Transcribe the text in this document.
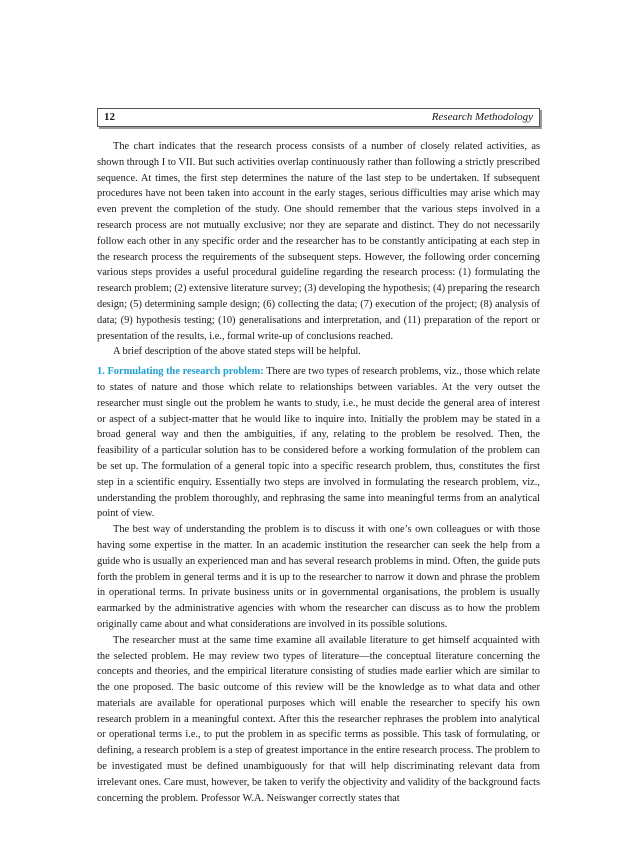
12	Research Methodology

The chart indicates that the research process consists of a number of closely related activities, as shown through I to VII. But such activities overlap continuously rather than following a strictly prescribed sequence. At times, the first step determines the nature of the last step to be undertaken. If subsequent procedures have not been taken into account in the early stages, serious difficulties may arise which may even prevent the completion of the study. One should remember that the various steps involved in a research process are not mutually exclusive; nor they are separate and distinct. They do not necessarily follow each other in any specific order and the researcher has to be constantly anticipating at each step in the research process the requirements of the subsequent steps. However, the following order concerning various steps provides a useful procedural guideline regarding the research process: (1) formulating the research problem; (2) extensive literature survey; (3) developing the hypothesis; (4) preparing the research design; (5) determining sample design; (6) collecting the data; (7) execution of the project; (8) analysis of data; (9) hypothesis testing; (10) generalisations and interpretation, and (11) preparation of the report or presentation of the results, i.e., formal write-up of conclusions reached.

A brief description of the above stated steps will be helpful.

1. Formulating the research problem: There are two types of research problems, viz., those which relate to states of nature and those which relate to relationships between variables. At the very outset the researcher must single out the problem he wants to study, i.e., he must decide the general area of interest or aspect of a subject-matter that he would like to inquire into. Initially the problem may be stated in a broad general way and then the ambiguities, if any, relating to the problem be resolved. Then, the feasibility of a particular solution has to be considered before a working formulation of the problem can be set up. The formulation of a general topic into a specific research problem, thus, constitutes the first step in a scientific enquiry. Essentially two steps are involved in formulating the research problem, viz., understanding the problem thoroughly, and rephrasing the same into meaningful terms from an analytical point of view.

The best way of understanding the problem is to discuss it with one’s own colleagues or with those having some expertise in the matter. In an academic institution the researcher can seek the help from a guide who is usually an experienced man and has several research problems in mind. Often, the guide puts forth the problem in general terms and it is up to the researcher to narrow it down and phrase the problem in operational terms. In private business units or in governmental organisations, the problem is usually earmarked by the administrative agencies with whom the researcher can discuss as to how the problem originally came about and what considerations are involved in its possible solutions.

The researcher must at the same time examine all available literature to get himself acquainted with the selected problem. He may review two types of literature—the conceptual literature concerning the concepts and theories, and the empirical literature consisting of studies made earlier which are similar to the one proposed. The basic outcome of this review will be the knowledge as to what data and other materials are available for operational purposes which will enable the researcher to specify his own research problem in a meaningful context. After this the researcher rephrases the problem into analytical or operational terms i.e., to put the problem in as specific terms as possible. This task of formulating, or defining, a research problem is a step of greatest importance in the entire research process. The problem to be investigated must be defined unambiguously for that will help discriminating relevant data from irrelevant ones. Care must, however, be taken to verify the objectivity and validity of the background facts concerning the problem. Professor W.A. Neiswanger correctly states that
